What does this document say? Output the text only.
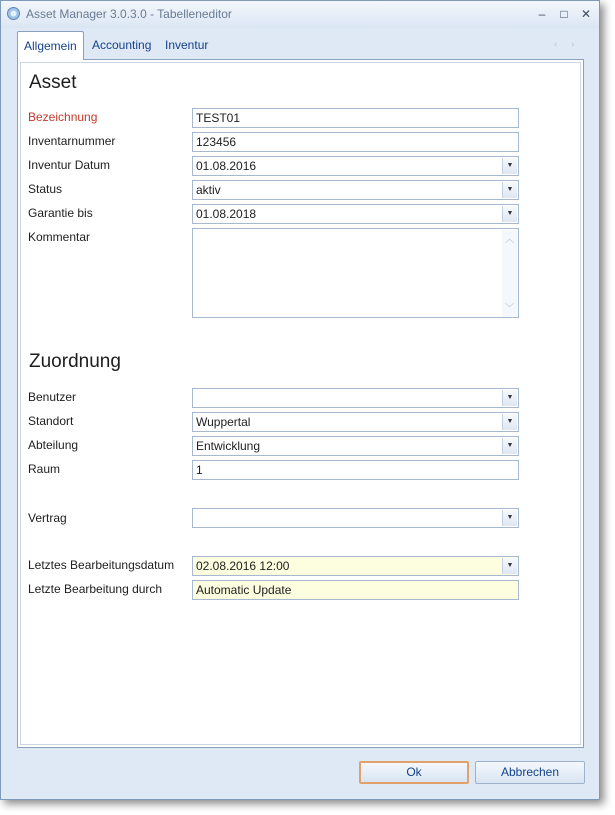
Asset Manager 3.0.3.0 - Tabelleneditor	–	□	✕
Allgemein	Accounting	Inventur	‹ ›
Asset
Bezeichnung	TEST01
Inventarnummer	123456
Inventur Datum	01.08.2016	▼
Status	aktiv	▼
Garantie bis	01.08.2018	▼
Kommentar	︿
﹀
Zuordnung
Benutzer	▼
Standort	Wuppertal	▼
Abteilung	Entwicklung	▼
Raum	1
Vertrag	▼
Letztes Bearbeitungsdatum	02.08.2016 12:00	▼
Letzte Bearbeitung durch	Automatic Update
Ok	Abbrechen
